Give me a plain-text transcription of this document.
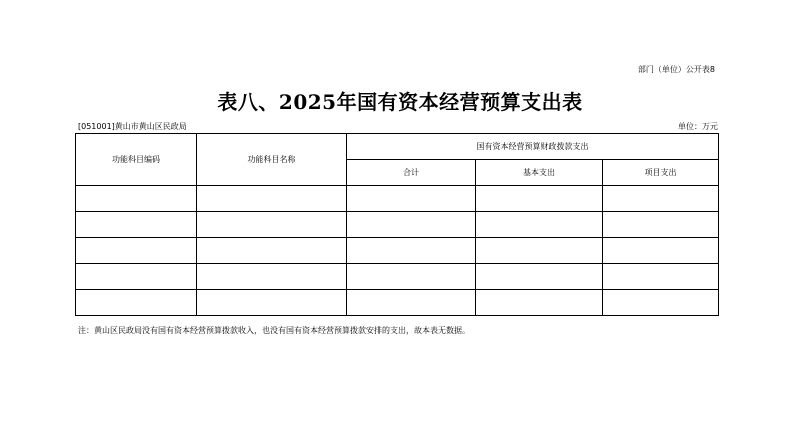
部门（单位）公开表8
表八、2025年国有资本经营预算支出表
[051001]黄山市黄山区民政局	单位：万元
功能科目编码	功能科目名称	国有资本经营预算财政拨款支出		
		合计	基本支出	项目支出

注：黄山区民政局没有国有资本经营预算拨款收入，也没有国有资本经营预算拨款安排的支出，故本表无数据。
